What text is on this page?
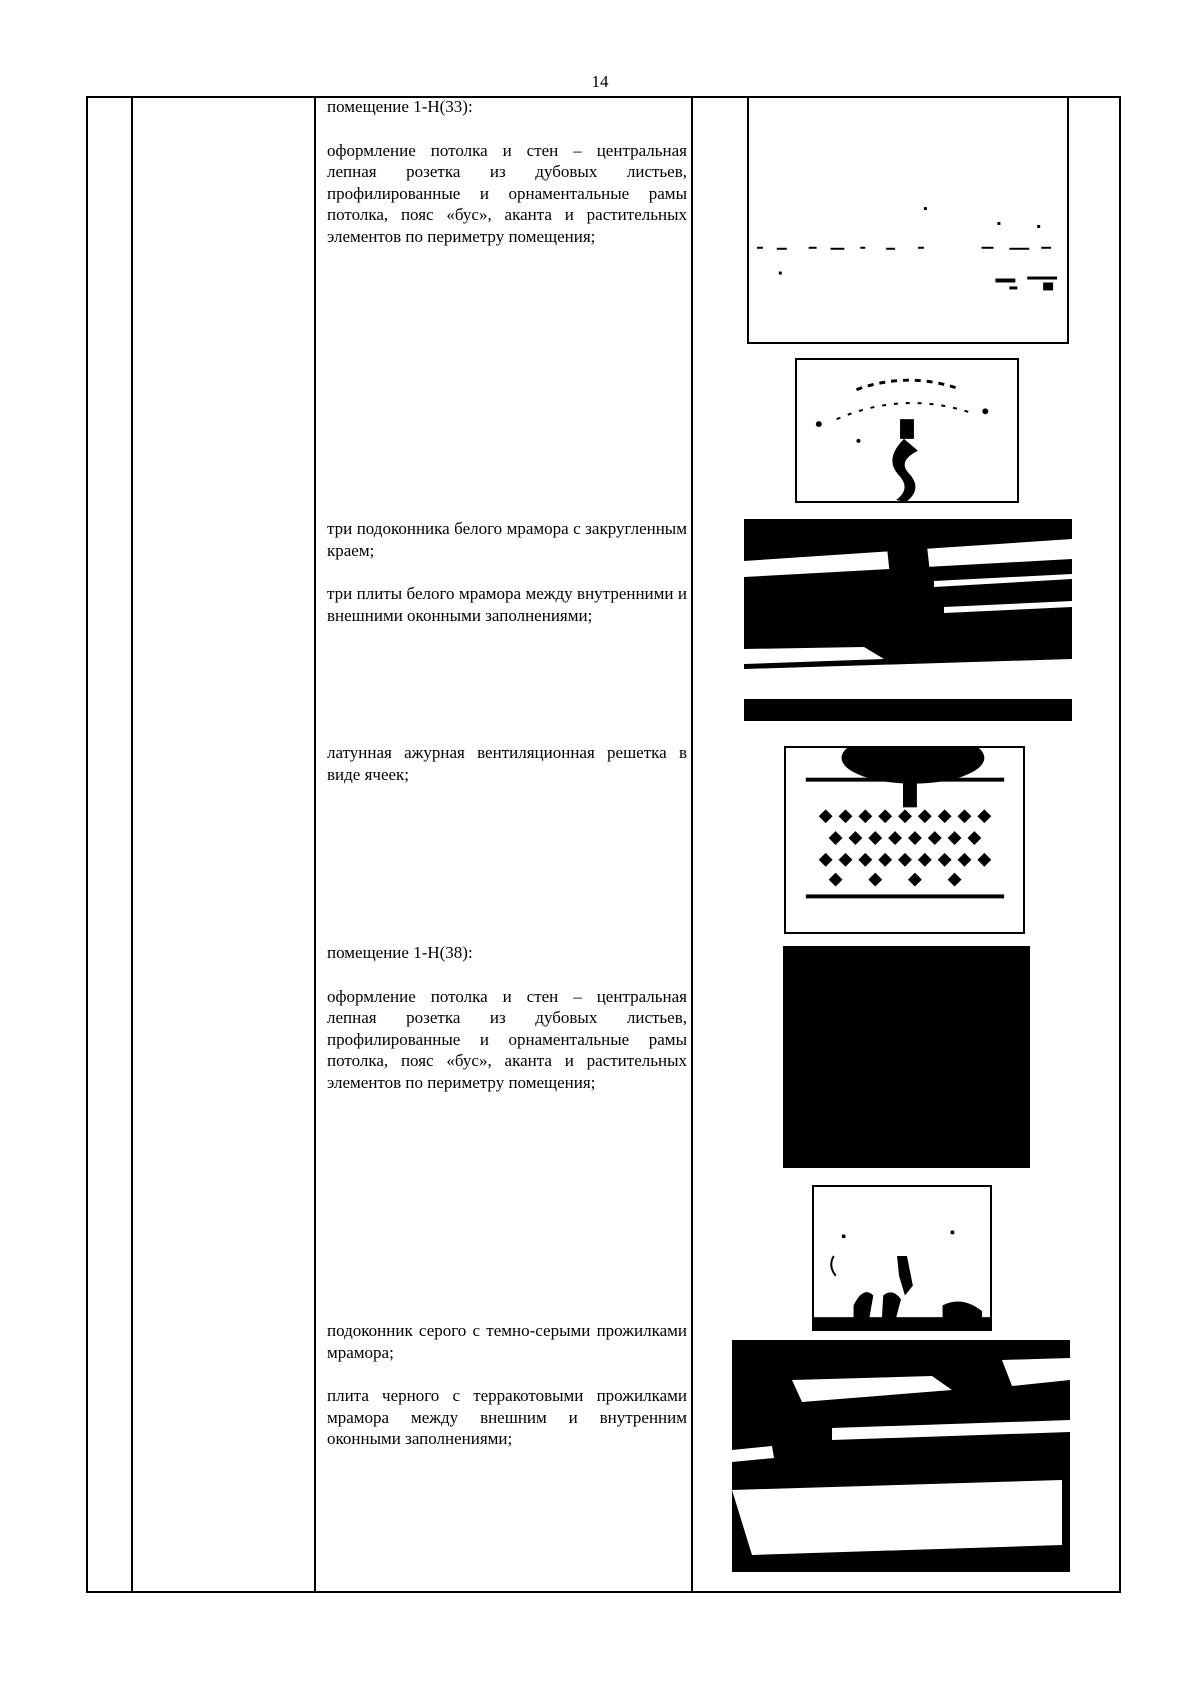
14

помещение 1-Н(33):

оформление потолка и стен – центральная лепная розетка из дубовых листьев, профилированные и орнаментальные рамы потолка, пояс «бус», аканта и растительных элементов по периметру помещения;

три подоконника белого мрамора с закругленным краем;

три плиты белого мрамора между внутренними и внешними оконными заполнениями;

латунная ажурная вентиляционная решетка в виде ячеек;

помещение 1-Н(38):

оформление потолка и стен – центральная лепная розетка из дубовых листьев, профилированные и орнаментальные рамы потолка, пояс «бус», аканта и растительных элементов по периметру помещения;

подоконник серого с темно-серыми прожилками мрамора;

плита черного с терракотовыми прожилками мрамора между внешним и внутренним оконными заполнениями;
